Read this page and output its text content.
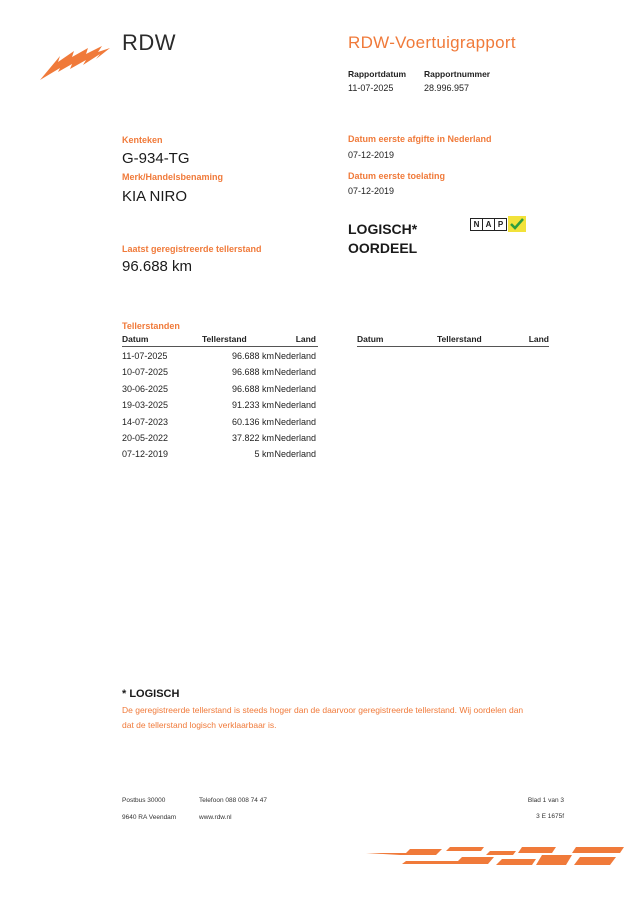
RDW	RDW-Voertuigrapport
Rapportdatum
11-07-2025
Rapportnummer
28.996.957
Kenteken
G-934-TG
Merk/Handelsbenaming
KIA NIRO
Laatst geregistreerde tellerstand
96.688 km
Datum eerste afgifte in Nederland
07-12-2019
Datum eerste toelating
07-12-2019
LOGISCH*
OORDEEL
N A P
Tellerstanden
Datum	Tellerstand	Land
11-07-2025	96.688 km Nederland
10-07-2025	96.688 km Nederland
30-06-2025	96.688 km Nederland
19-03-2025	91.233 km Nederland
14-07-2023	60.136 km Nederland
20-05-2022	37.822 km Nederland
07-12-2019	5 km Nederland
Datum	Tellerstand	Land
* LOGISCH
De geregistreerde tellerstand is steeds hoger dan de daarvoor geregistreerde tellerstand. Wij oordelen dan
dat de tellerstand logisch verklaarbaar is.
Postbus 30000
9640 RA Veendam
Telefoon 088 008 74 47
www.rdw.nl
Blad 1 van 3
3 E 1675f
